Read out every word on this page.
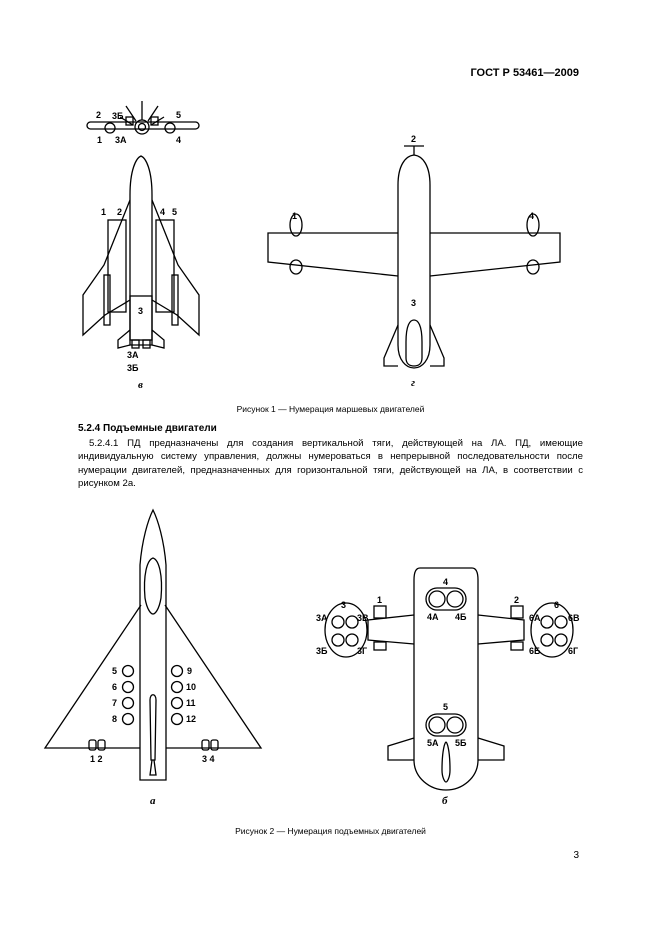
ГОСТ Р 53461—2009
2 3Б
1 3А
5
4
1 2	4 5
3
3А
3Б
в
2
1	4
3
г
5
6
7
8
9
10
11
12
1 2	3 4
а
4
4А 4Б
5
5А 5Б
1	2
3
3А	3В
3Б	3Г
6
6А	6В
6Б	6Г
б
Рисунок 1 — Нумерация маршевых двигателей
5.2.4 Подъемные двигатели

5.2.4.1 ПД предназначены для создания вертикальной тяги, действующей на ЛА. ПД, имеющие индивидуальную систему управления, должны нумероваться в непрерывной последовательности после нумерации двигателей, предназначенных для горизонтальной тяги, действующей на ЛА, в соответствии с рисунком 2а.

Рисунок 2 — Нумерация подъемных двигателей
3
